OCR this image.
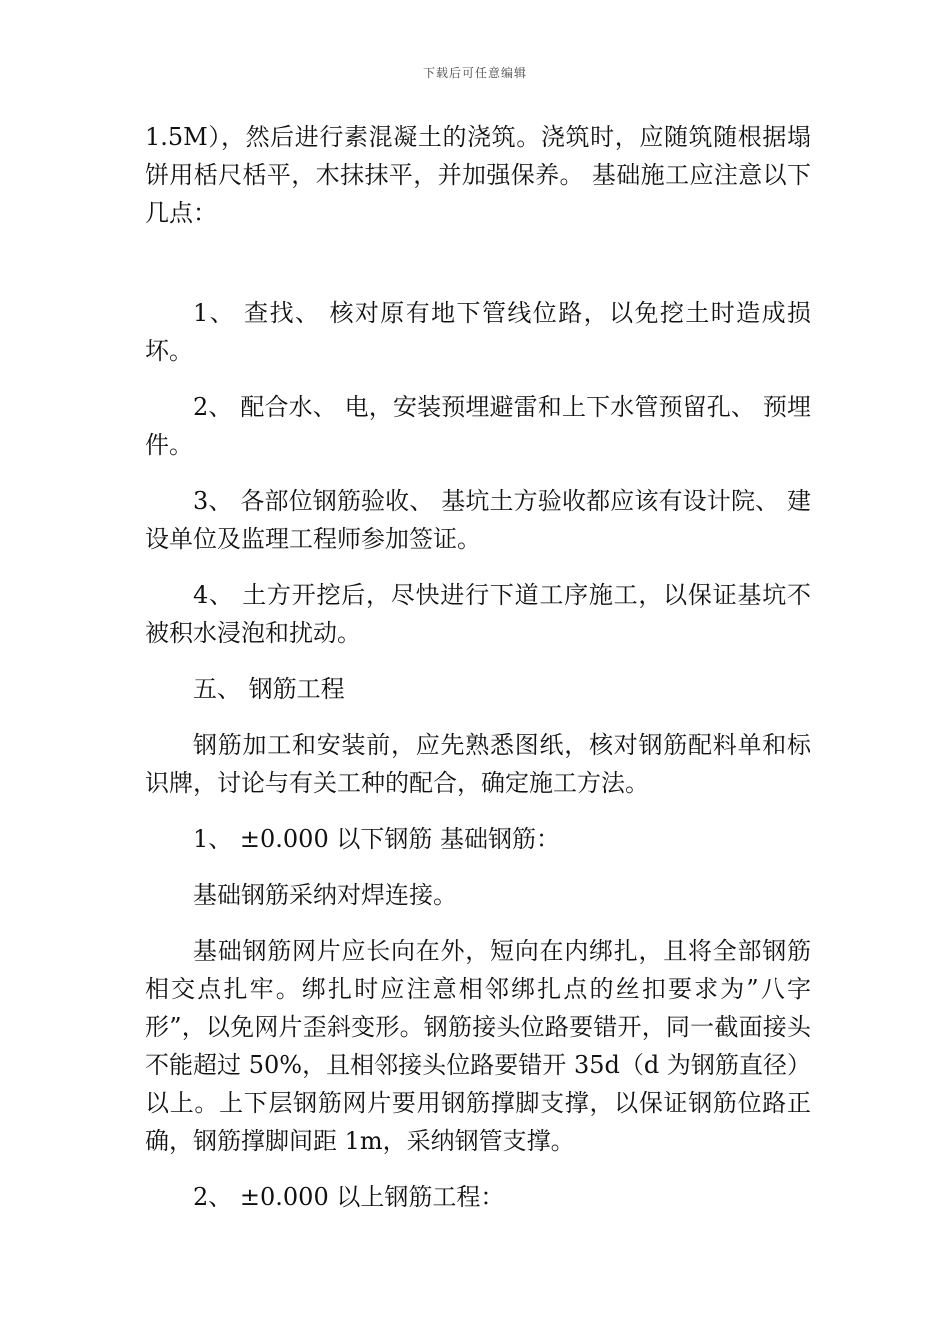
下载后可任意编辑

1.5M），然后进行素混凝土的浇筑。浇筑时，应随筑随根据塌饼用栝尺栝平，木抹抹平，并加强保养。 基础施工应注意以下几点：

1、 查找、 核对原有地下管线位路，以免挖土时造成损坏。

2、 配合水、 电，安装预埋避雷和上下水管预留孔、 预埋件。

3、 各部位钢筋验收、 基坑土方验收都应该有设计院、 建设单位及监理工程师参加签证。

4、 土方开挖后，尽快进行下道工序施工，以保证基坑不被积水浸泡和扰动。

五、 钢筋工程

钢筋加工和安装前，应先熟悉图纸，核对钢筋配料单和标识牌，讨论与有关工种的配合，确定施工方法。

1、 ±0.000 以下钢筋 基础钢筋：

基础钢筋采纳对焊连接。

基础钢筋网片应长向在外，短向在内绑扎，且将全部钢筋相交点扎牢。绑扎时应注意相邻绑扎点的丝扣要求为”八字形”，以免网片歪斜变形。钢筋接头位路要错开，同一截面接头不能超过 50%，且相邻接头位路要错开 35d（d 为钢筋直径）以上。上下层钢筋网片要用钢筋撑脚支撑，以保证钢筋位路正确，钢筋撑脚间距 1m，采纳钢管支撑。

2、 ±0.000 以上钢筋工程：
